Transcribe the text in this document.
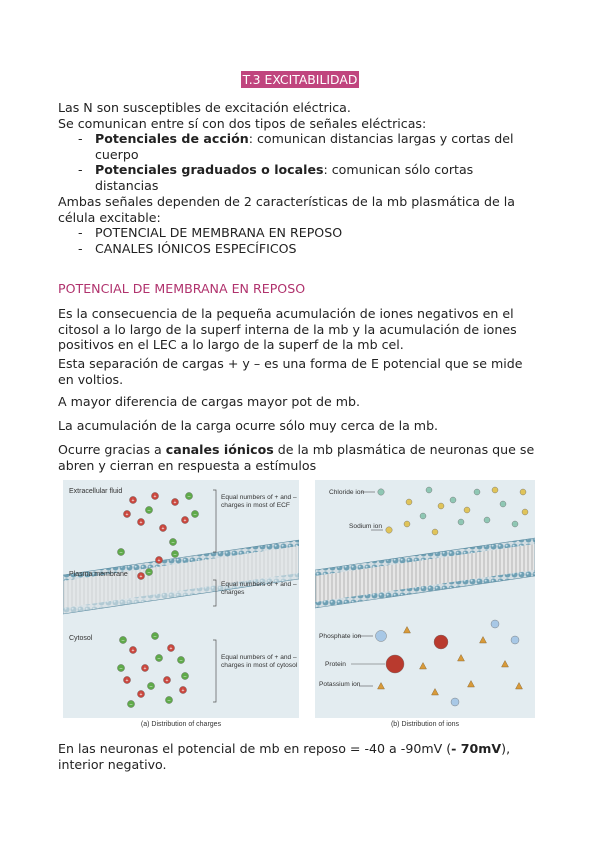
T.3 EXCITABILIDAD
Las N son susceptibles de excitación eléctrica.
Se comunican entre sí con dos tipos de señales eléctricas:
- Potenciales de acción: comunican distancias largas y cortas del cuerpo
- Potenciales graduados o locales: comunican sólo cortas distancias
Ambas señales dependen de 2 características de la mb plasmática de la célula excitable:
- POTENCIAL DE MEMBRANA EN REPOSO
- CANALES IÓNICOS ESPECÍFICOS
POTENCIAL DE MEMBRANA EN REPOSO

Es la consecuencia de la pequeña acumulación de iones negativos en el citosol a lo largo de la superf interna de la mb y la acumulación de iones positivos en el LEC a lo largo de la superf de la mb cel.

Esta separación de cargas + y – es una forma de E potencial que se mide en voltios.

A mayor diferencia de cargas mayor pot de mb.

La acumulación de la carga ocurre sólo muy cerca de la mb.

Ocurre gracias a canales iónicos de la mb plasmática de neuronas que se abren y cierran en respuesta a estímulos

Extracellular fluid
Plasma membrane
Cytosol
Equal numbers of + and – charges in most of ECF
Equal numbers of + and – charges
Equal numbers of + and – charges in most of cytosol
+
+
+
+
+
+
+
+
+
+	+
+
+	+
+
+
–
–
–
–
–
–
–
–
–
–
–
–
–
–
–
–
Chloride ion
Sodium ion
Phosphate ion
Protein
Potassium ion
(a) Distribution of charges	(b) Distribution of ions

En las neuronas el potencial de mb en reposo = -40 a -90mV (- 70mV), interior negativo.
